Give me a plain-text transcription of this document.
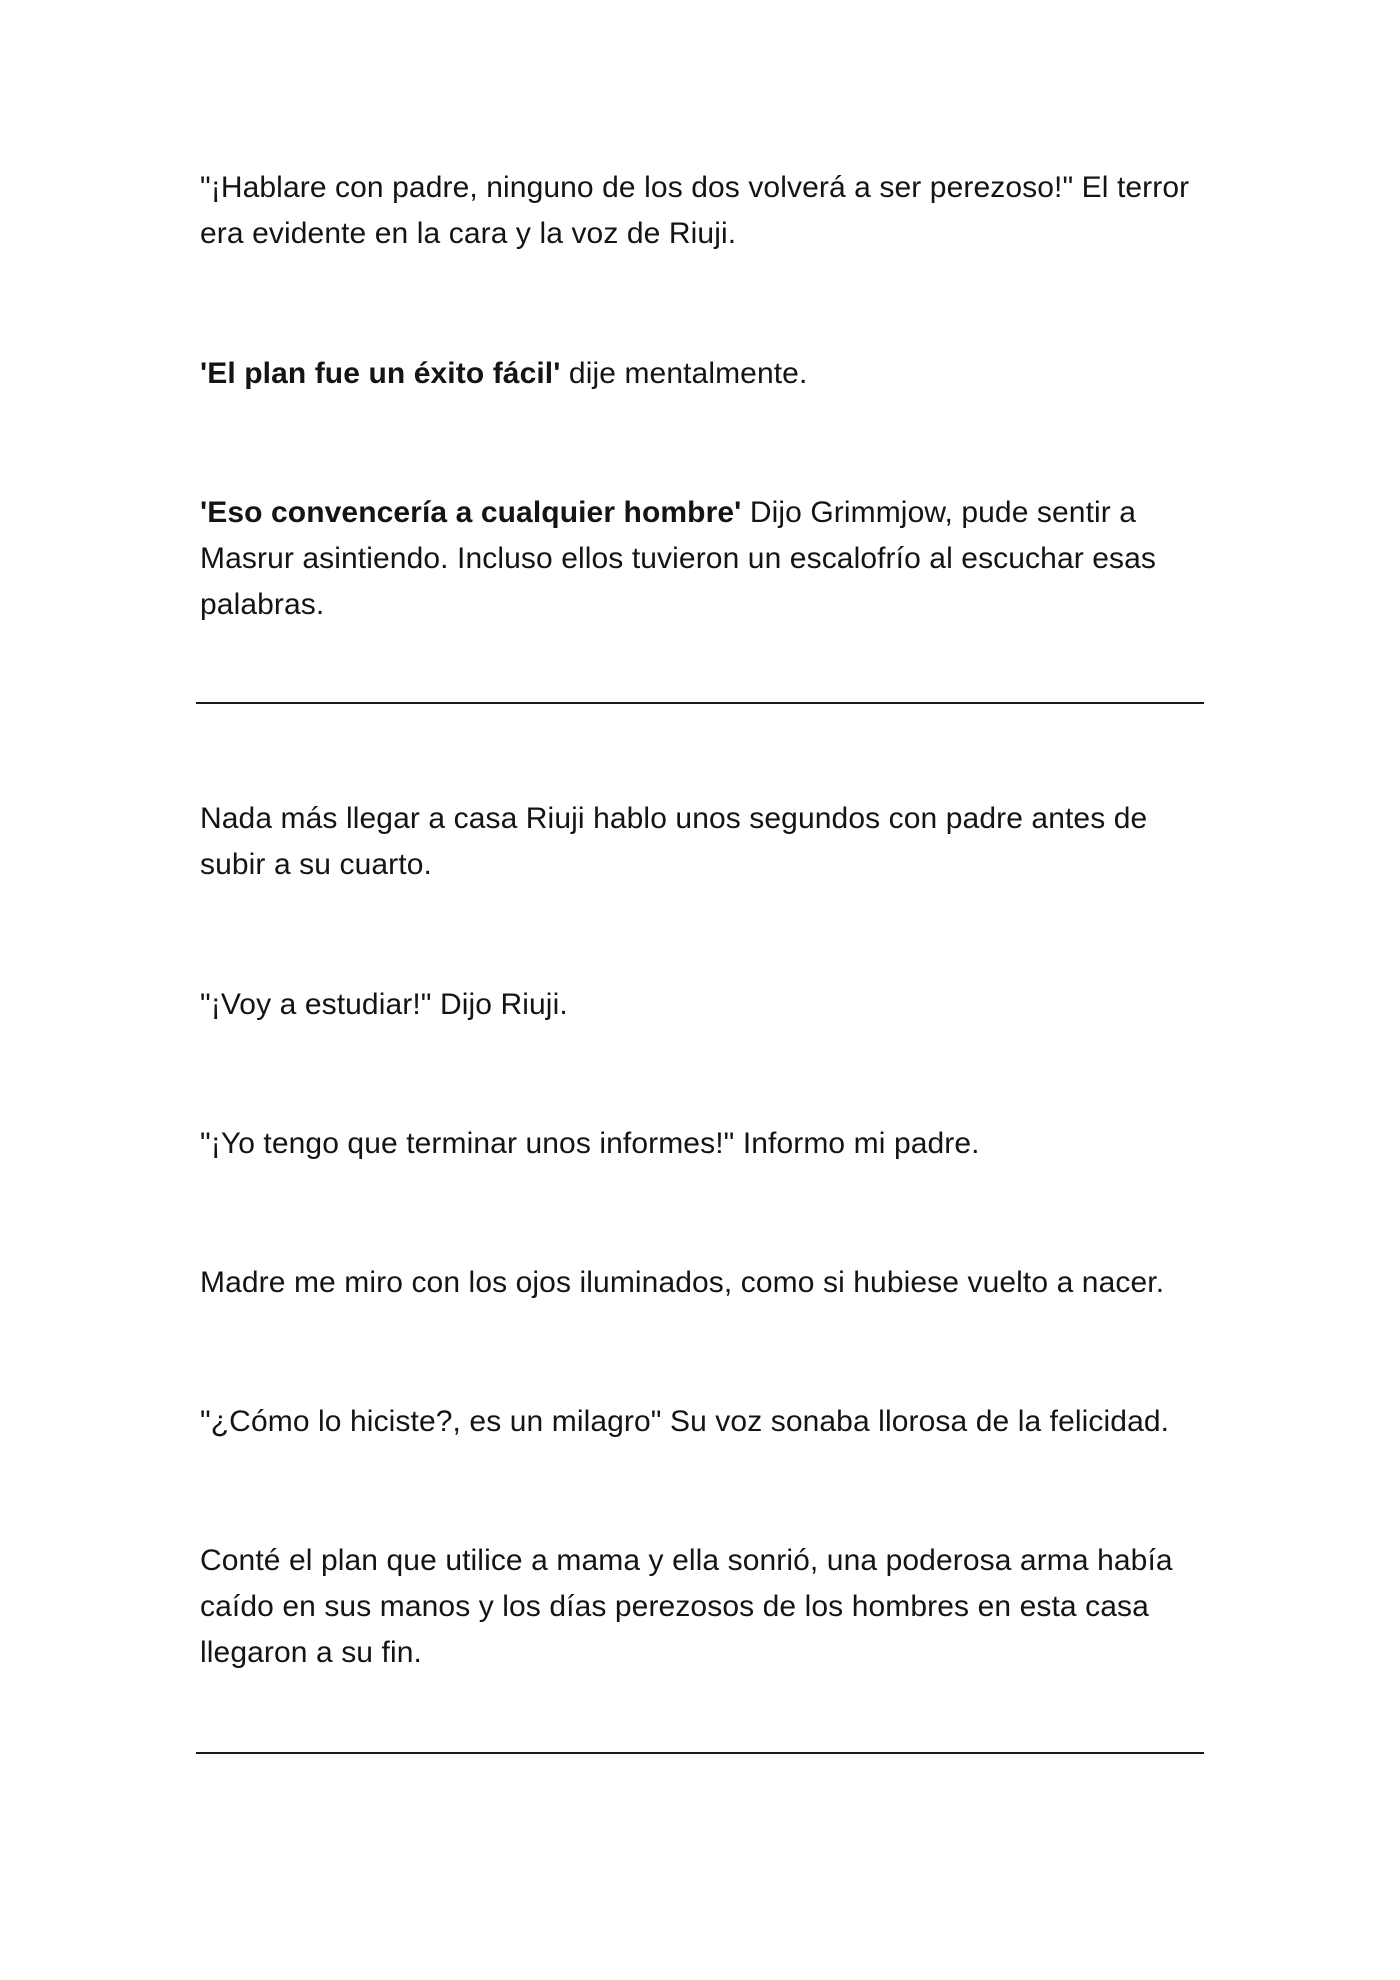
"¡Hablare con padre, ninguno de los dos volverá a ser perezoso!" El terror era evidente en la cara y la voz de Riuji.

'El plan fue un éxito fácil' dije mentalmente.

'Eso convencería a cualquier hombre' Dijo Grimmjow, pude sentir a Masrur asintiendo. Incluso ellos tuvieron un escalofrío al escuchar esas palabras.

Nada más llegar a casa Riuji hablo unos segundos con padre antes de subir a su cuarto.

"¡Voy a estudiar!" Dijo Riuji.

"¡Yo tengo que terminar unos informes!" Informo mi padre.

Madre me miro con los ojos iluminados, como si hubiese vuelto a nacer.

"¿Cómo lo hiciste?, es un milagro" Su voz sonaba llorosa de la felicidad.

Conté el plan que utilice a mama y ella sonrió, una poderosa arma había caído en sus manos y los días perezosos de los hombres en esta casa llegaron a su fin.
